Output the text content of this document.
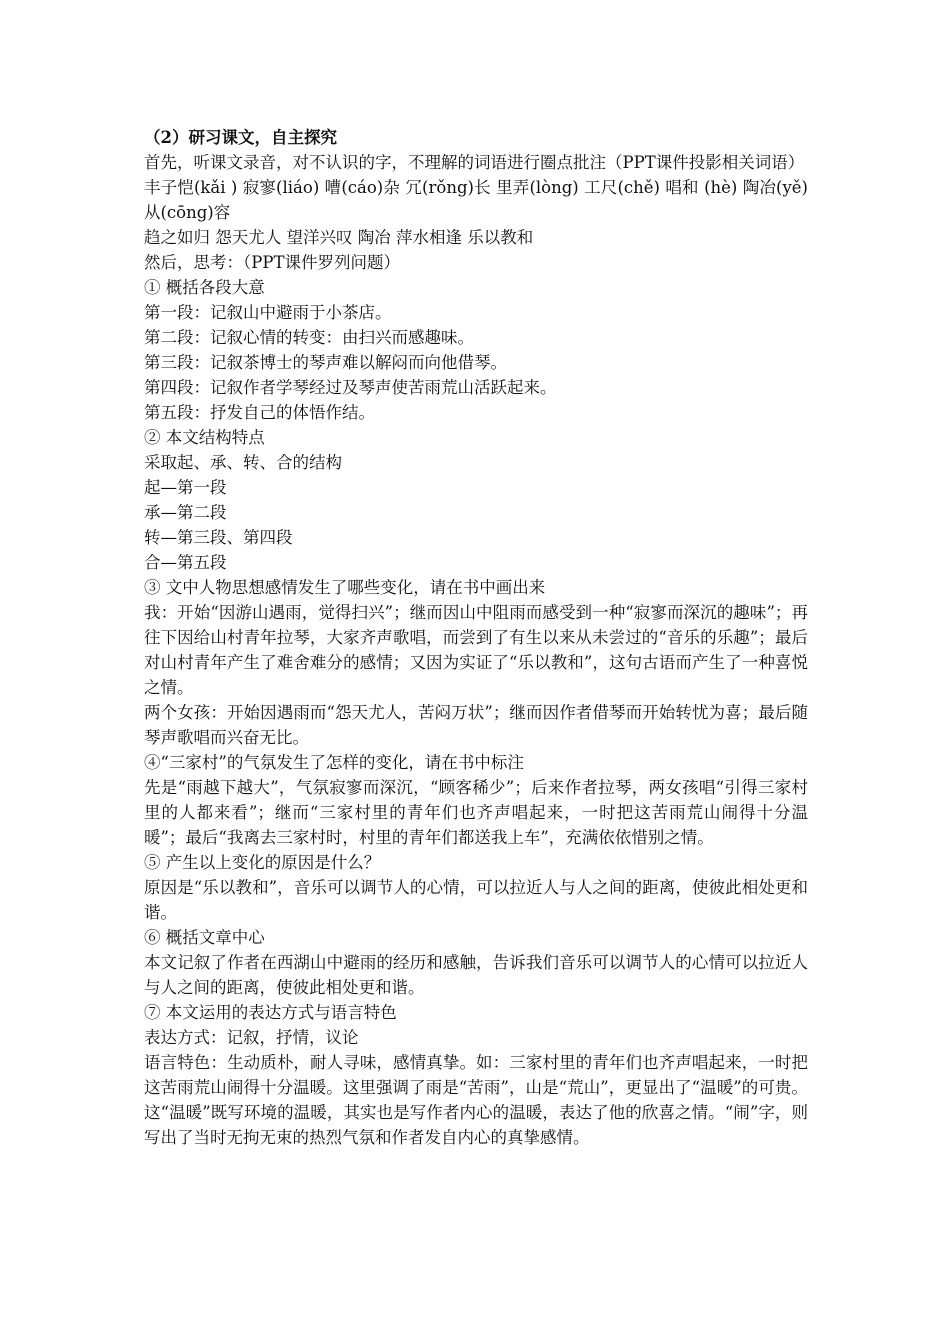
（2）研习课文，自主探究

首先，听课文录音，对不认识的字，不理解的词语进行圈点批注（PPT课件投影相关词语）

丰子恺(kǎi ) 寂寥(liáo) 嘈(cáo)杂 冗(rǒng)长 里弄(lòng) 工尺(chě) 唱和 (hè) 陶冶(yě) 从(cōng)容

趋之如归 怨天尤人 望洋兴叹 陶冶 萍水相逢 乐以教和

然后，思考：（PPT课件罗列问题）

① 概括各段大意

第一段：记叙山中避雨于小茶店。

第二段：记叙心情的转变：由扫兴而感趣味。

第三段：记叙茶博士的琴声难以解闷而向他借琴。

第四段：记叙作者学琴经过及琴声使苦雨荒山活跃起来。

第五段：抒发自己的体悟作结。

② 本文结构特点

采取起、承、转、合的结构

起—第一段

承—第二段

转—第三段、第四段

合—第五段

③ 文中人物思想感情发生了哪些变化，请在书中画出来

我：开始“因游山遇雨，觉得扫兴”；继而因山中阻雨而感受到一种“寂寥而深沉的趣味”；再往下因给山村青年拉琴，大家齐声歌唱，而尝到了有生以来从未尝过的“音乐的乐趣”；最后对山村青年产生了难舍难分的感情；又因为实证了“乐以教和”，这句古语而产生了一种喜悦之情。

两个女孩：开始因遇雨而“怨天尤人，苦闷万状”；继而因作者借琴而开始转忧为喜；最后随琴声歌唱而兴奋无比。

④“三家村”的气氛发生了怎样的变化，请在书中标注

先是“雨越下越大”，气氛寂寥而深沉，“顾客稀少”；后来作者拉琴，两女孩唱“引得三家村里的人都来看”；继而“三家村里的青年们也齐声唱起来，一时把这苦雨荒山闹得十分温暖”；最后“我离去三家村时，村里的青年们都送我上车”，充满依依惜别之情。

⑤ 产生以上变化的原因是什么？

原因是“乐以教和”，音乐可以调节人的心情，可以拉近人与人之间的距离，使彼此相处更和谐。

⑥ 概括文章中心

本文记叙了作者在西湖山中避雨的经历和感触，告诉我们音乐可以调节人的心情可以拉近人与人之间的距离，使彼此相处更和谐。

⑦ 本文运用的表达方式与语言特色

表达方式：记叙，抒情，议论

语言特色：生动质朴，耐人寻味，感情真挚。如：三家村里的青年们也齐声唱起来，一时把这苦雨荒山闹得十分温暖。这里强调了雨是“苦雨”，山是“荒山”，更显出了“温暖”的可贵。这“温暖”既写环境的温暖，其实也是写作者内心的温暖，表达了他的欣喜之情。“闹”字，则写出了当时无拘无束的热烈气氛和作者发自内心的真挚感情。
